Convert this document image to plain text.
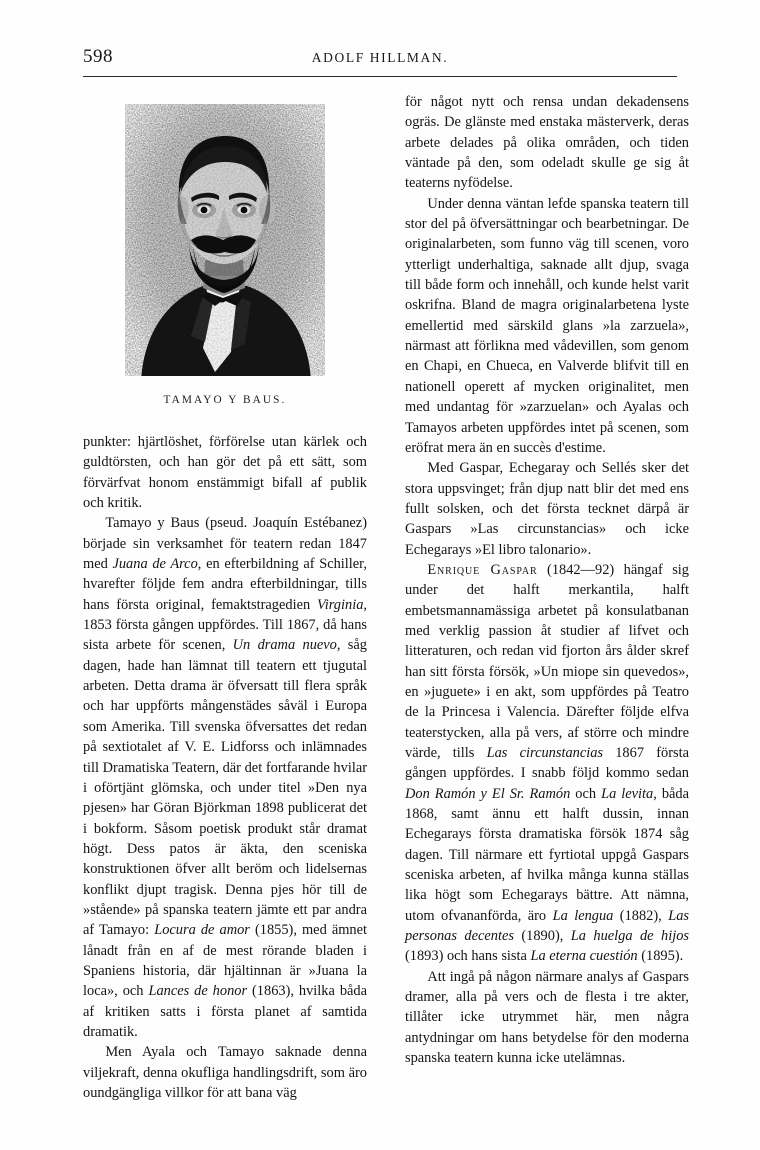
598	ADOLF HILLMAN.
TAMAYO Y BAUS.

punkter: hjärtlöshet, förförelse utan kärlek och guldtörsten, och han gör det på ett sätt, som förvärfvat honom enstämmigt bifall af publik och kritik.

Tamayo y Baus (pseud. Joaquín Estébanez) började sin verksamhet för teatern redan 1847 med Juana de Arco, en efterbildning af Schiller, hvarefter följde fem andra efterbildningar, tills hans första original, femaktstragedien Virginia, 1853 första gången uppfördes. Till 1867, då hans sista arbete för scenen, Un drama nuevo, såg dagen, hade han lämnat till teatern ett tjugutal arbeten. Detta drama är öfversatt till flera språk och har uppförts mångenstädes såväl i Europa som Amerika. Till svenska öfversattes det redan på sextiotalet af V. E. Lidforss och inlämnades till Dramatiska Teatern, där det fortfarande hvilar i oförtjänt glömska, och under titel »Den nya pjesen» har Göran Björkman 1898 publicerat det i bokform. Såsom poetisk produkt står dramat högt. Dess patos är äkta, den sceniska konstruktionen öfver allt beröm och lidelsernas konflikt djupt tragisk. Denna pjes hör till de »stående» på spanska teatern jämte ett par andra af Tamayo: Locura de amor (1855), med ämnet lånadt från en af de mest rörande bladen i Spaniens historia, där hjältinnan är »Juana la loca», och Lances de honor (1863), hvilka båda af kritiken satts i första planet af samtida dramatik.

Men Ayala och Tamayo saknade denna viljekraft, denna okufliga handlingsdrift, som äro oundgängliga villkor för att bana väg

för något nytt och rensa undan dekadensens ogräs. De glänste med enstaka mästerverk, deras arbete delades på olika områden, och tiden väntade på den, som odeladt skulle ge sig åt teaterns nyfödelse.

Under denna väntan lefde spanska teatern till stor del på öfversättningar och bearbetningar. De originalarbeten, som funno väg till scenen, voro ytterligt underhaltiga, saknade allt djup, svaga till både form och innehåll, och kunde helst varit oskrifna. Bland de magra originalarbetena lyste emellertid med särskild glans »la zarzuela», närmast att förlikna med vådevillen, som genom en Chapi, en Chueca, en Valverde blifvit till en nationell operett af mycken originalitet, men med undantag för »zarzuelan» och Ayalas och Tamayos arbeten uppfördes intet på scenen, som eröfrat mera än en succès d'estime.

Med Gaspar, Echegaray och Sellés sker det stora uppsvinget; från djup natt blir det med ens fullt solsken, och det första tecknet därpå är Gaspars »Las circunstancias» och icke Echegarays »El libro talonario».

Enrique Gaspar (1842—92) hängaf sig under det halft merkantila, halft embetsmannamässiga arbetet på konsulatbanan med verklig passion åt studier af lifvet och litteraturen, och redan vid fjorton års ålder skref han sitt första försök, »Un miope sin quevedos», en »juguete» i en akt, som uppfördes på Teatro de la Princesa i Valencia. Därefter följde elfva teaterstycken, alla på vers, af större och mindre värde, tills Las circunstancias 1867 första gången uppfördes. I snabb följd kommo sedan Don Ramón y El Sr. Ramón och La levita, båda 1868, samt ännu ett halft dussin, innan Echegarays första dramatiska försök 1874 såg dagen. Till närmare ett fyrtiotal uppgå Gaspars sceniska arbeten, af hvilka många kunna ställas lika högt som Echegarays bättre. Att nämna, utom ofvananförda, äro La lengua (1882), Las personas decentes (1890), La huelga de hijos (1893) och hans sista La eterna cuestión (1895).

Att ingå på någon närmare analys af Gaspars dramer, alla på vers och de flesta i tre akter, tillåter icke utrymmet här, men några antydningar om hans betydelse för den moderna spanska teatern kunna icke utelämnas.
